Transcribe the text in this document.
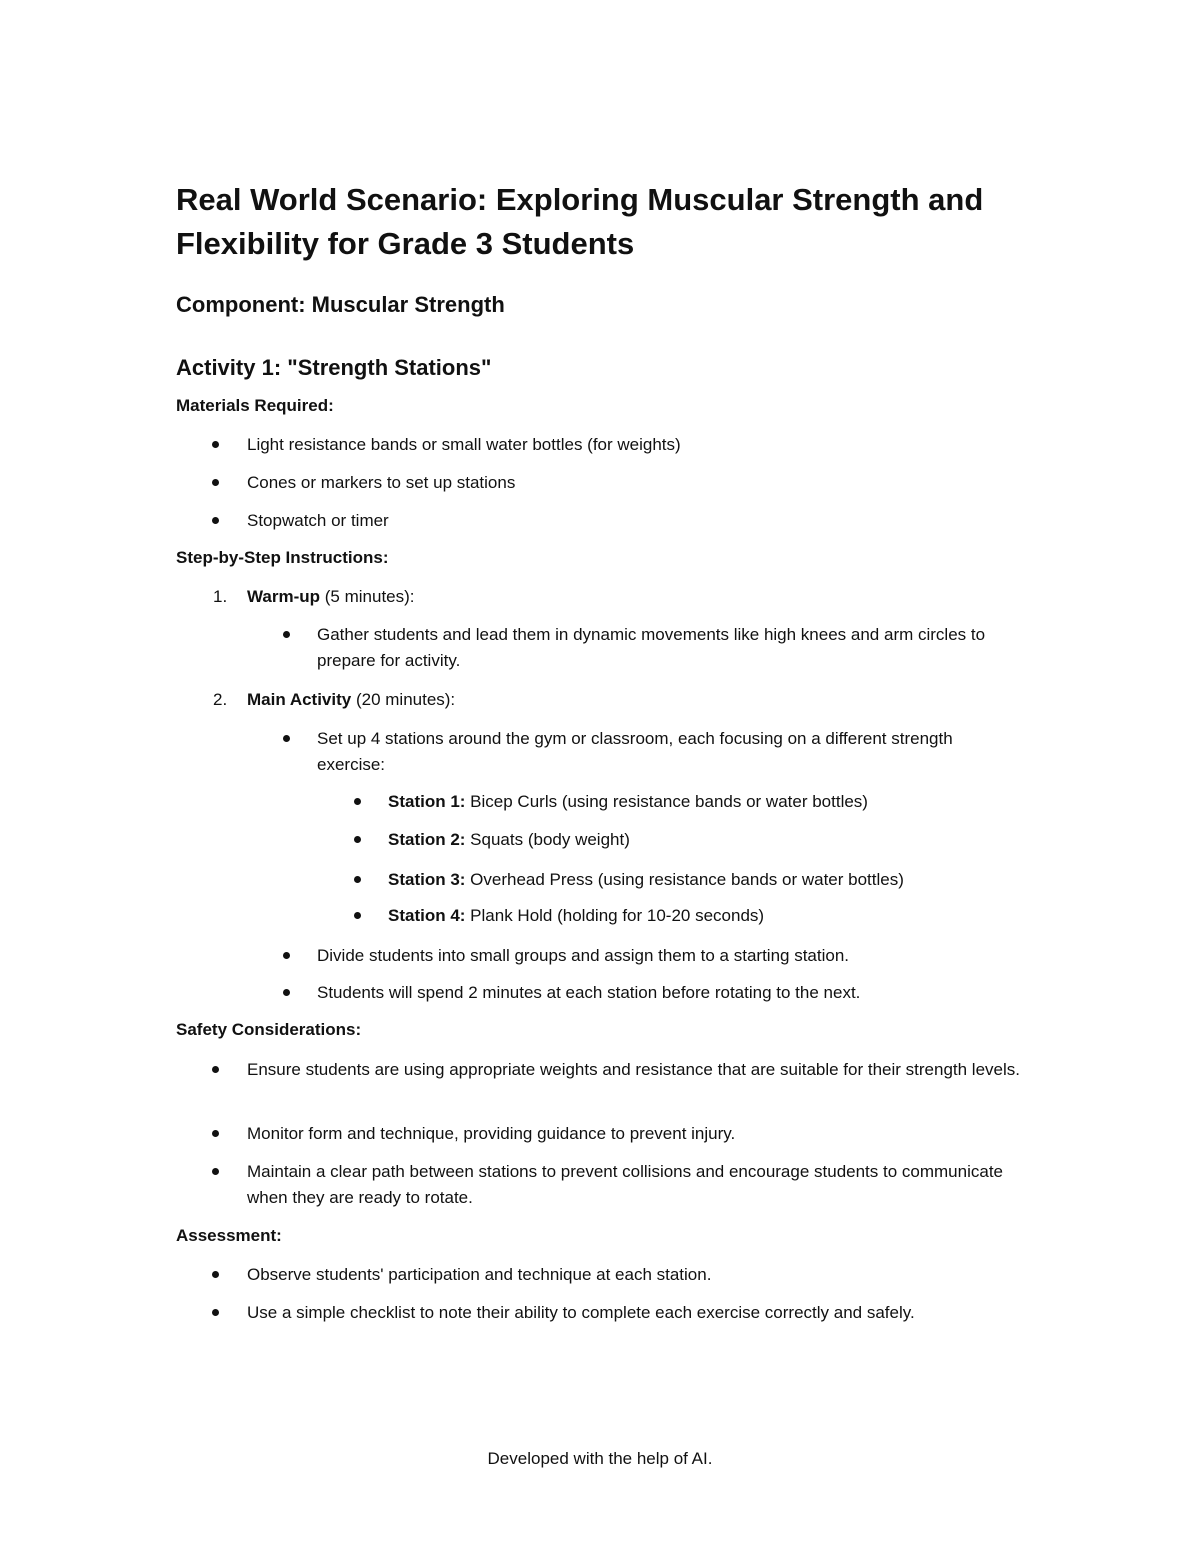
Real World Scenario: Exploring Muscular Strength and Flexibility for Grade 3 Students
Component: Muscular Strength
Activity 1: "Strength Stations"

Materials Required:

Light resistance bands or small water bottles (for weights)

Cones or markers to set up stations

Stopwatch or timer

Step-by-Step Instructions:

1. Warm-up (5 minutes):

Gather students and lead them in dynamic movements like high knees and arm circles to prepare for activity.

2. Main Activity (20 minutes):

Set up 4 stations around the gym or classroom, each focusing on a different strength exercise:

Station 1: Bicep Curls (using resistance bands or water bottles)

Station 2: Squats (body weight)

Station 3: Overhead Press (using resistance bands or water bottles)

Station 4: Plank Hold (holding for 10-20 seconds)

Divide students into small groups and assign them to a starting station.

Students will spend 2 minutes at each station before rotating to the next.

Safety Considerations:

Ensure students are using appropriate weights and resistance that are suitable for their strength levels.

Monitor form and technique, providing guidance to prevent injury.

Maintain a clear path between stations to prevent collisions and encourage students to communicate when they are ready to rotate.

Assessment:

Observe students' participation and technique at each station.

Use a simple checklist to note their ability to complete each exercise correctly and safely.

Developed with the help of AI.
